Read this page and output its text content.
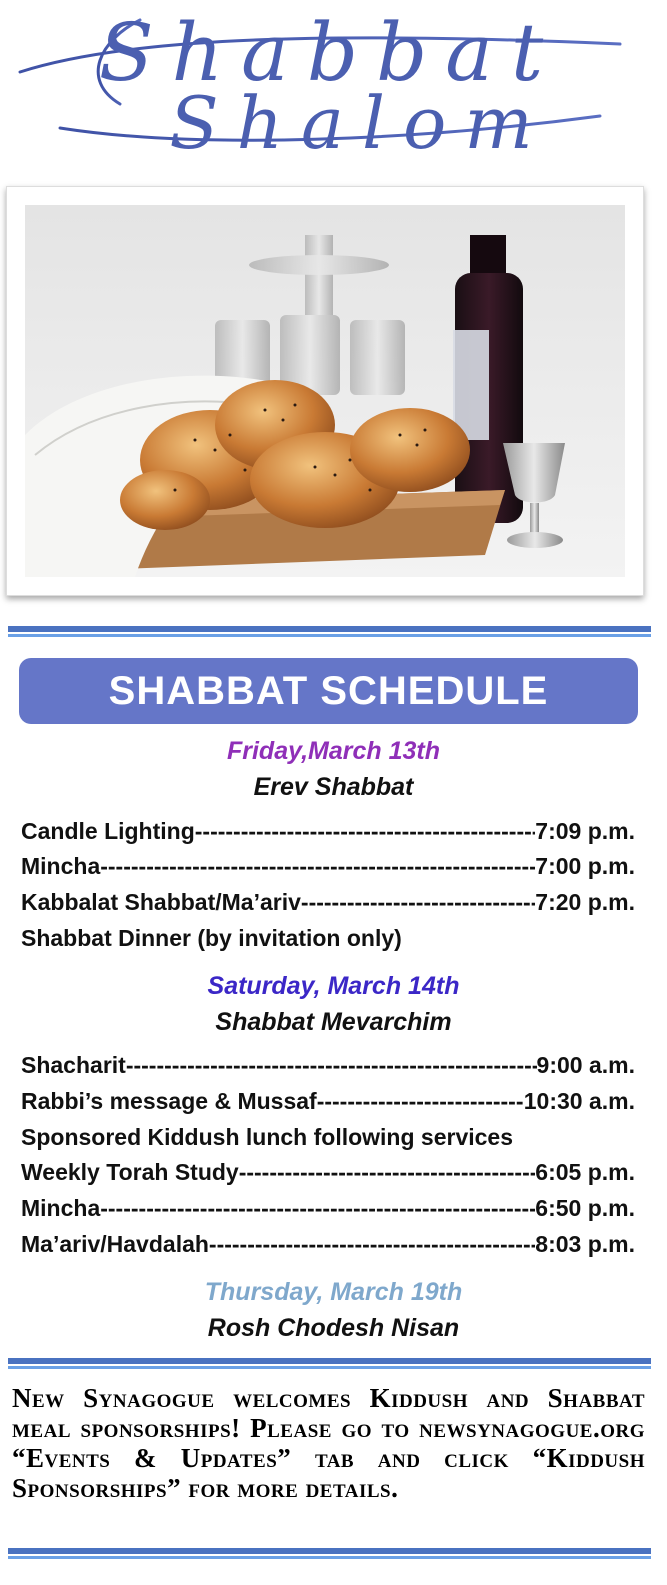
Shabbat
Shalom
SHABBAT SCHEDULE
Friday,March 13th
Erev Shabbat
Candle Lighting -----	7:09 p.m.
Mincha -----	7:00 p.m.
Kabbalat Shabbat/Ma’ariv -----	7:20 p.m.
Shabbat Dinner (by invitation only)
Saturday, March 14th
Shabbat Mevarchim
Shacharit -----	9:00 a.m.
Rabbi’s message & Mussaf -----	10:30 a.m.
Sponsored Kiddush lunch following services
Weekly Torah Study -----	6:05 p.m.
Mincha -----	6:50 p.m.
Ma’ariv/Havdalah -----	8:03 p.m.
Thursday, March 19th
Rosh Chodesh Nisan
New Synagogue welcomes Kiddush and Shabbat meal sponsorships! Please go to newsynagogue.org “Events & Updates” tab and click “Kiddush Sponsorships” for more details.
